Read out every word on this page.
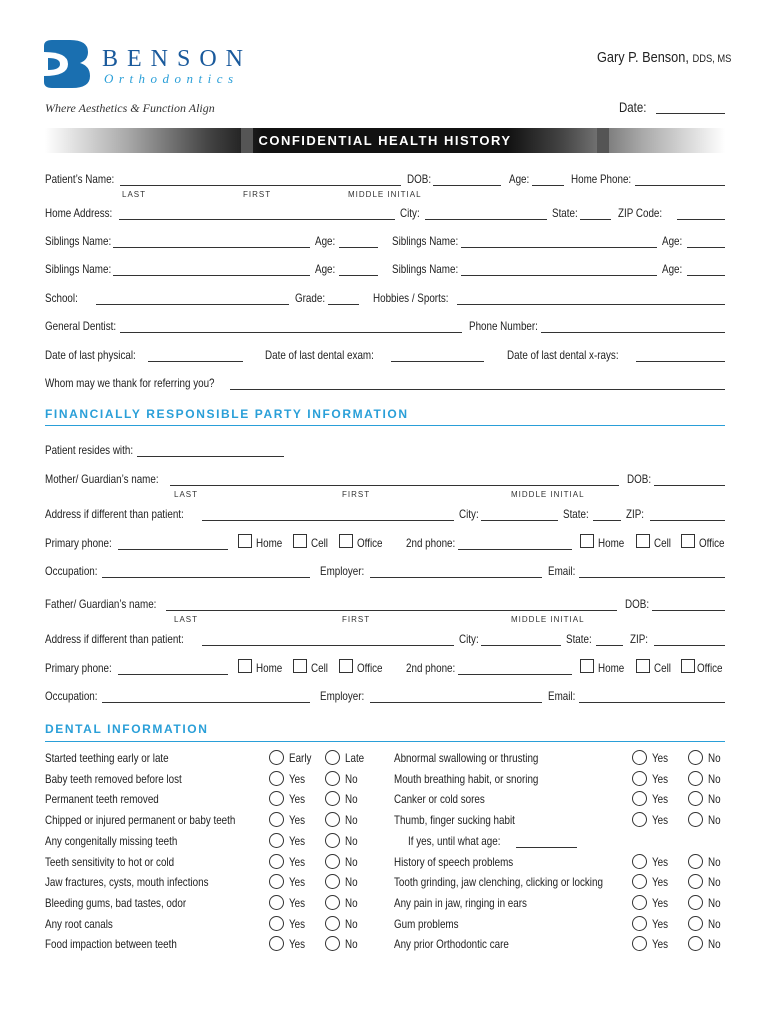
BENSON
Orthodontics
Where Aesthetics & Function Align
Gary P. Benson, DDS, MS
Date:
CONFIDENTIAL HEALTH HISTORY
Patient’s Name:
LAST	FIRST	MIDDLE INITIAL
DOB:	Age:	Home Phone:
Home Address:	City:	State:	ZIP Code:
Siblings Name:	Age:	Siblings Name:	Age:
Siblings Name:	Age:	Siblings Name:	Age:
School:	Grade:	Hobbies / Sports:
General Dentist:	Phone Number:
Date of last physical:	Date of last dental exam:	Date of last dental x-rays:
Whom may we thank for referring you?
FINANCIALLY RESPONSIBLE PARTY INFORMATION
Patient resides with:
Mother/ Guardian’s name:
LAST	FIRST	MIDDLE INITIAL
DOB:
Address if different than patient:	City:	State:	ZIP:
Primary phone:	Home Cell Office 2nd phone:	Home Cell Office
Occupation:	Employer:	Email:
Father/ Guardian’s name:
LAST	FIRST	MIDDLE INITIAL
DOB:
Address if different than patient:	City:	State:	ZIP:
Primary phone:	Home Cell Office 2nd phone:	Home Cell Office
Occupation:	Employer:	Email:
DENTAL INFORMATION
Started teething early or late	Early	Late
Baby teeth removed before lost	Yes	No
Permanent teeth removed	Yes	No
Chipped or injured permanent or baby teeth	Yes	No
Any congenitally missing teeth	Yes	No
Teeth sensitivity to hot or cold	Yes	No
Jaw fractures, cysts, mouth infections	Yes	No
Bleeding gums, bad tastes, odor	Yes	No
Any root canals	Yes	No
Food impaction between teeth	Yes	No
Abnormal swallowing or thrusting	Yes	No
Mouth breathing habit, or snoring	Yes	No
Canker or cold sores	Yes	No
Thumb, finger sucking habit	Yes	No
If yes, until what age:
History of speech problems	Yes	No
Tooth grinding, jaw clenching, clicking or locking	Yes	No
Any pain in jaw, ringing in ears	Yes	No
Gum problems	Yes	No
Any prior Orthodontic care	Yes	No
